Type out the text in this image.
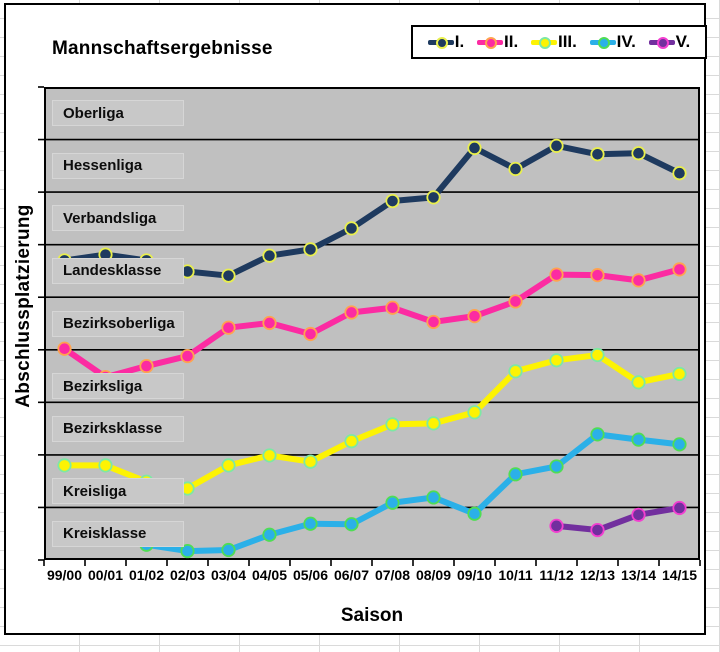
Mannschaftsergebnisse	I. II. III. IV. V.
Abschlussplatzierung
Oberliga
Hessenliga
Verbandsliga
Landesklasse
Bezirksoberliga
Bezirksliga
Bezirksklasse
Kreisliga
Kreisklasse
99/00 00/01 01/02 02/03 03/04 04/05 05/06 06/07 07/08 08/09 09/10 10/11 11/12 12/13 13/14 14/15
Saison
